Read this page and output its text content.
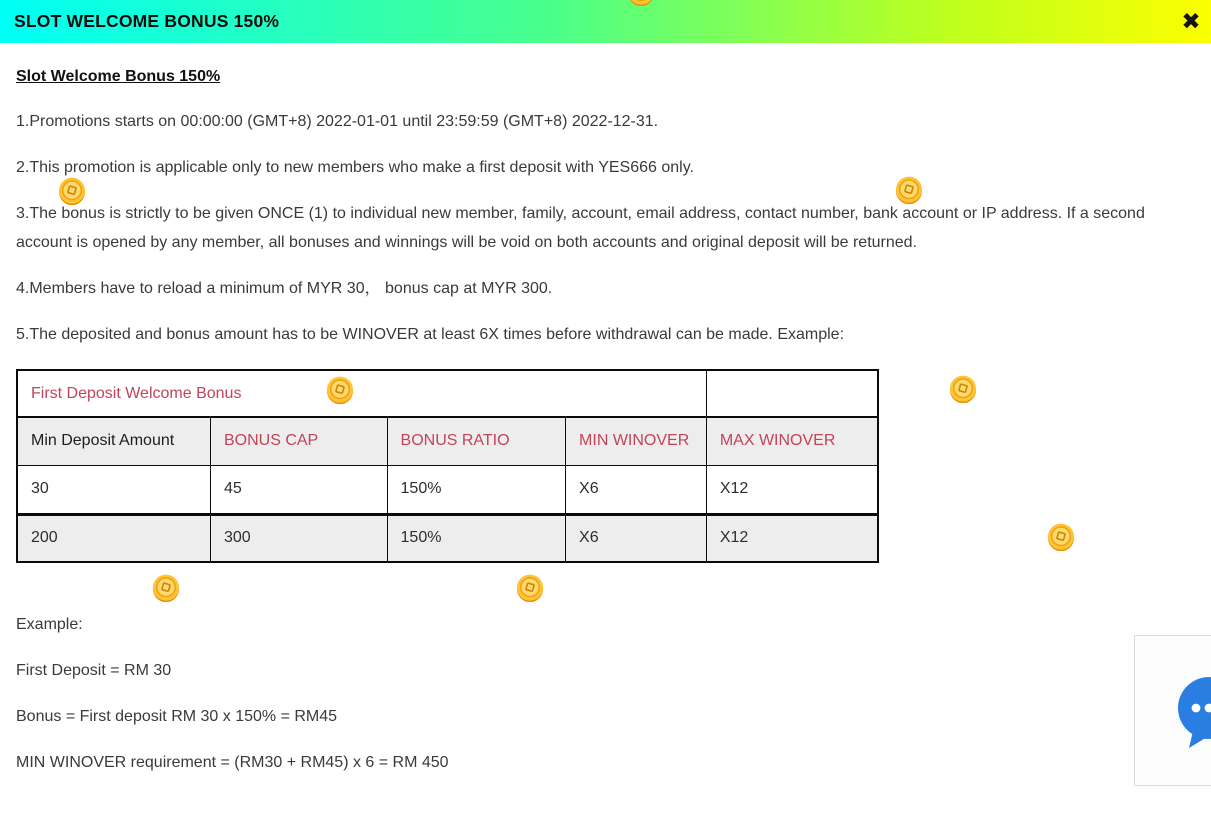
SLOT WELCOME BONUS 150%	✖
Slot Welcome Bonus 150%

1.Promotions starts on 00:00:00 (GMT+8) 2022-01-01 until 23:59:59 (GMT+8) 2022-12-31.

2.This promotion is applicable only to new members who make a first deposit with YES666 only.

3.The bonus is strictly to be given ONCE (1) to individual new member, family, account, email address, contact number, bank account or IP address. If a second account is opened by any member, all bonuses and winnings will be void on both accounts and original deposit will be returned.

4.Members have to reload a minimum of MYR 30， bonus cap at MYR 300.

5.The deposited and bonus amount has to be WINOVER at least 6X times before withdrawal can be made. Example:

First Deposit Welcome Bonus				
Min Deposit Amount	BONUS CAP	BONUS RATIO	MIN WINOVER	MAX WINOVER
30	45	150%	X6	X12
200	300	150%	X6	X12

Example:

First Deposit = RM 30

Bonus = First deposit RM 30 x 150% = RM45

MIN WINOVER requirement = (RM30 + RM45) x 6 = RM 450
